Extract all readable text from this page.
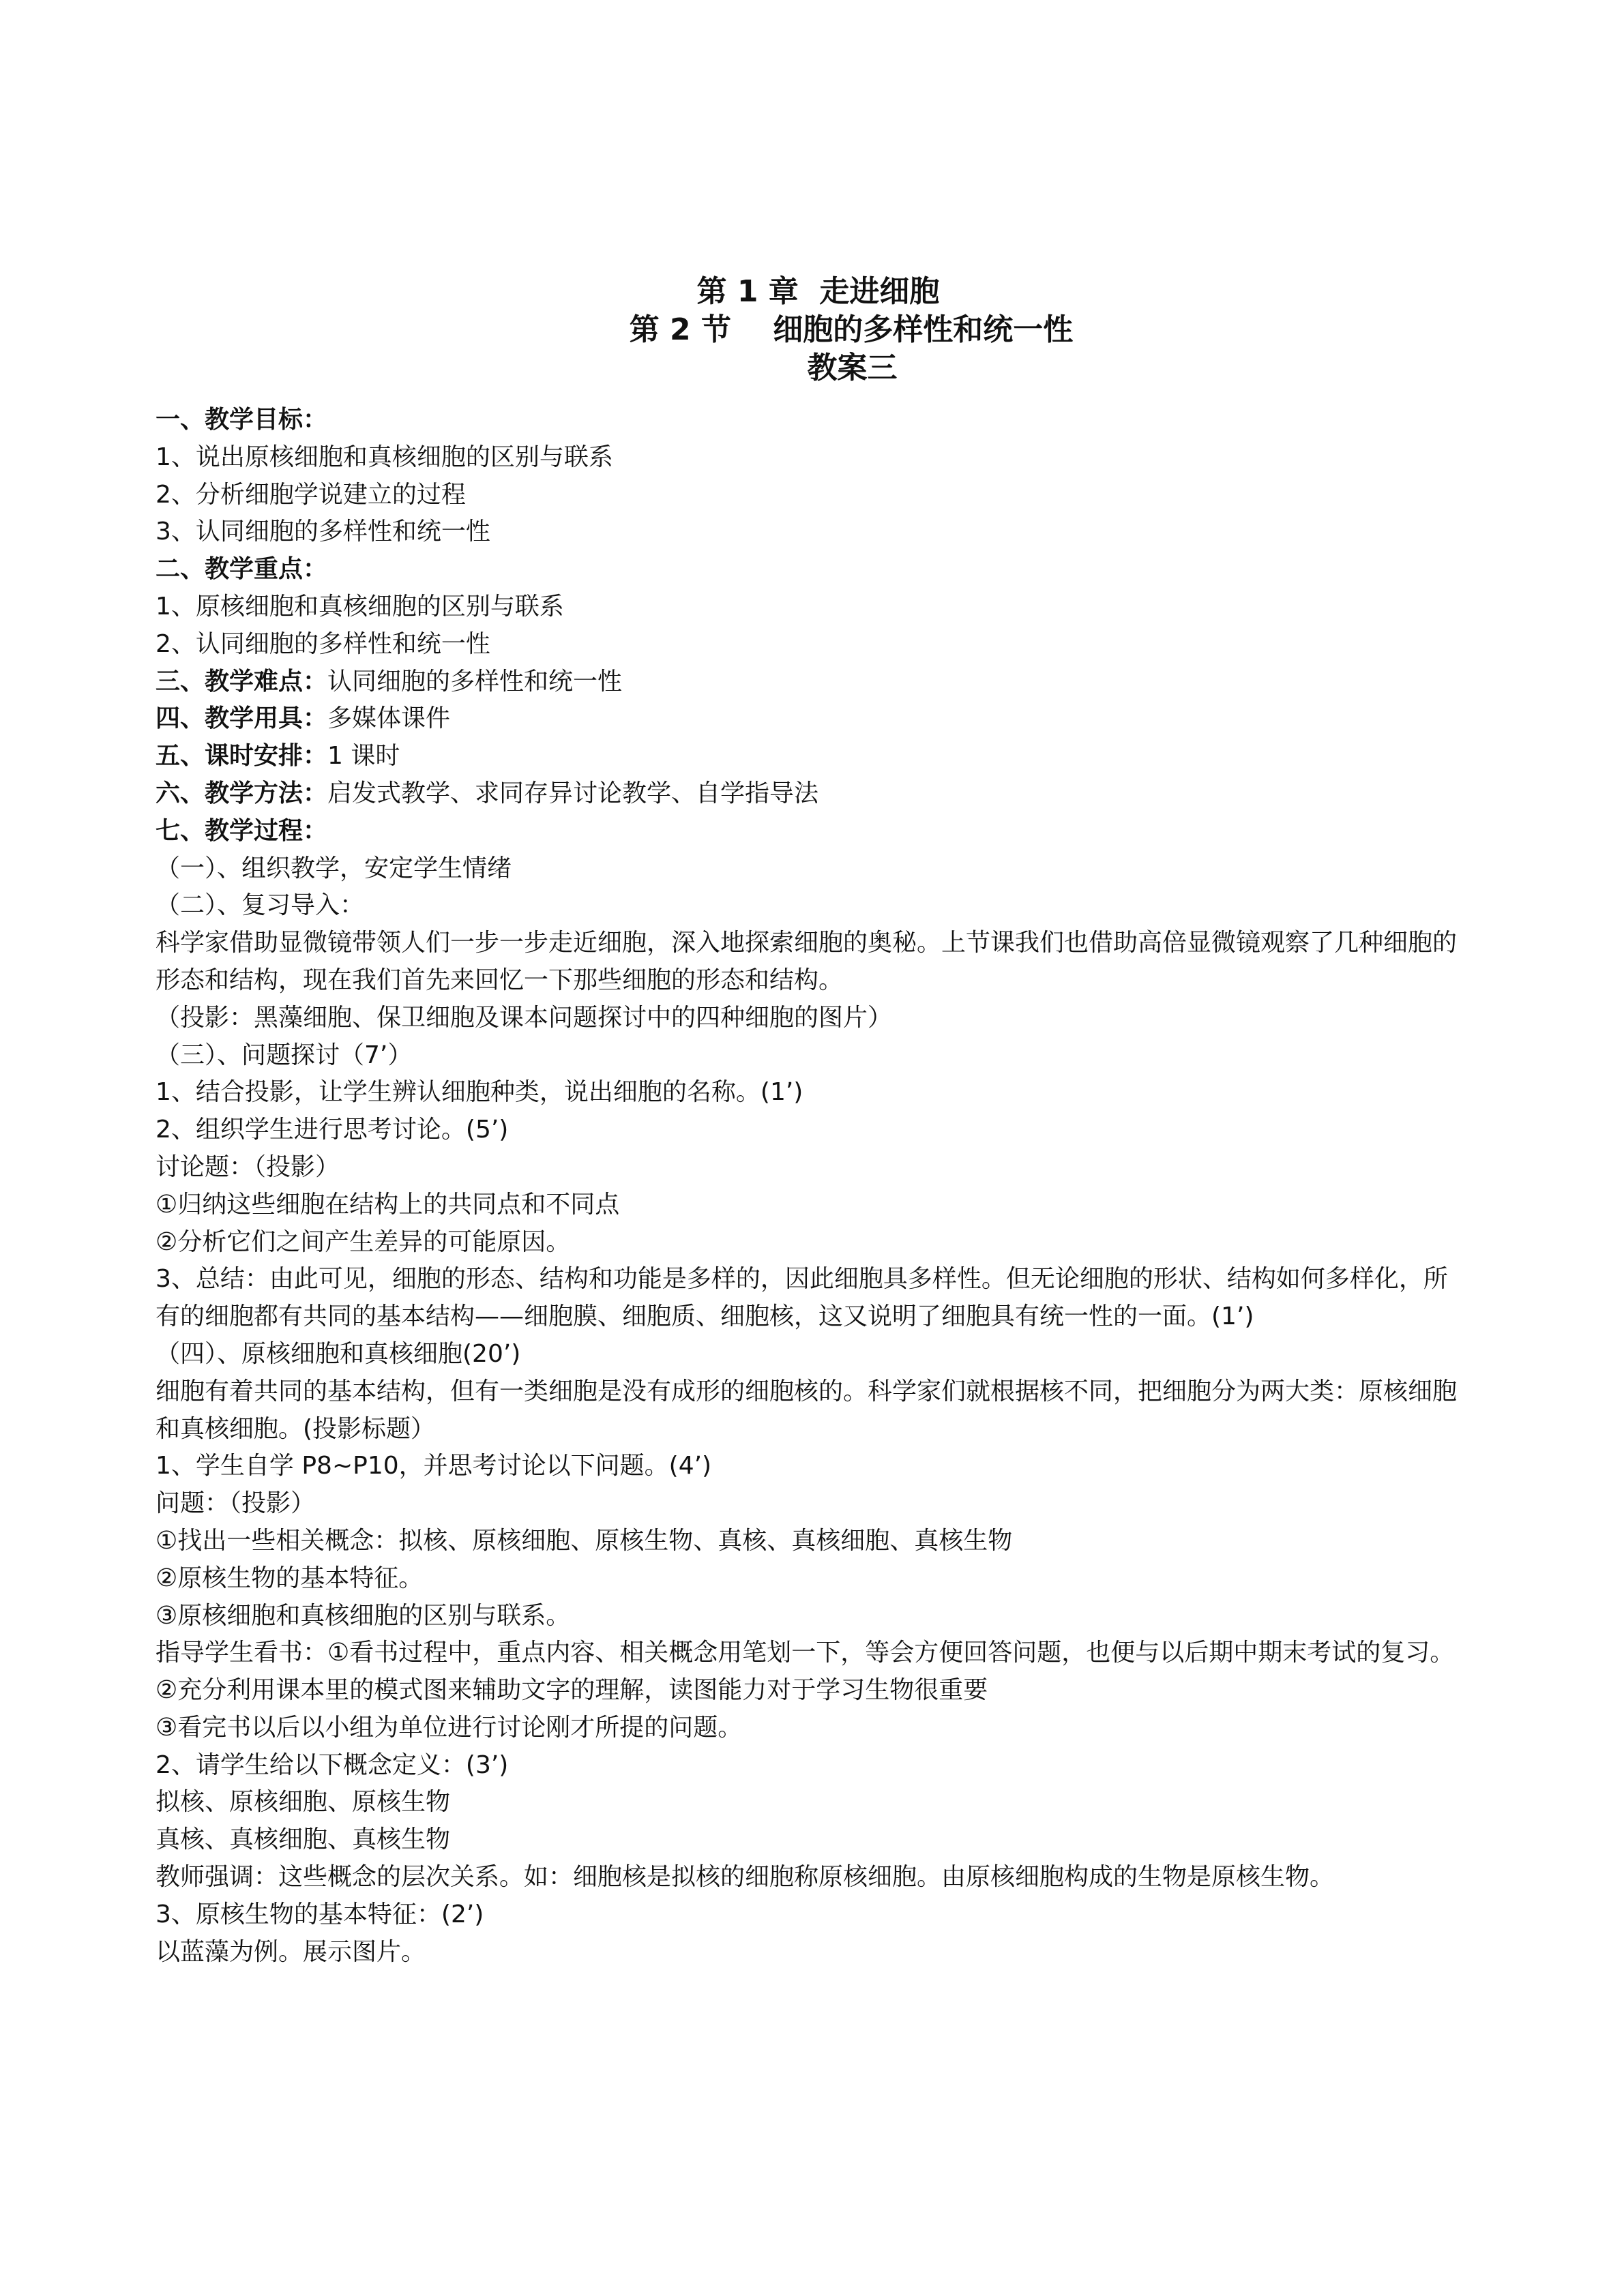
第 1 章  走进细胞
第 2 节    细胞的多样性和统一性
教案三
一、教学目标：
1、说出原核细胞和真核细胞的区别与联系
2、分析细胞学说建立的过程
3、认同细胞的多样性和统一性
二、教学重点：
1、原核细胞和真核细胞的区别与联系
2、认同细胞的多样性和统一性
三、教学难点：认同细胞的多样性和统一性
四、教学用具：多媒体课件
五、课时安排：1 课时
六、教学方法：启发式教学、求同存异讨论教学、自学指导法
七、教学过程：
（一）、组织教学，安定学生情绪
（二）、复习导入：
科学家借助显微镜带领人们一步一步走近细胞，深入地探索细胞的奥秘。上节课我们也借助高倍显微镜观察了几种细胞的形态和结构，现在我们首先来回忆一下那些细胞的形态和结构。
（投影：黑藻细胞、保卫细胞及课本问题探讨中的四种细胞的图片）
（三）、问题探讨（7’）
1、结合投影，让学生辨认细胞种类，说出细胞的名称。(1’)
2、组织学生进行思考讨论。(5’)
讨论题：（投影）
①归纳这些细胞在结构上的共同点和不同点
②分析它们之间产生差异的可能原因。
3、总结：由此可见，细胞的形态、结构和功能是多样的，因此细胞具多样性。但无论细胞的形状、结构如何多样化，所有的细胞都有共同的基本结构——细胞膜、细胞质、细胞核，这又说明了细胞具有统一性的一面。(1’)
（四）、原核细胞和真核细胞(20’)
细胞有着共同的基本结构，但有一类细胞是没有成形的细胞核的。科学家们就根据核不同，把细胞分为两大类：原核细胞和真核细胞。(投影标题）
1、学生自学 P8~P10，并思考讨论以下问题。(4’)
问题：（投影）
①找出一些相关概念：拟核、原核细胞、原核生物、真核、真核细胞、真核生物
②原核生物的基本特征。
③原核细胞和真核细胞的区别与联系。
指导学生看书：①看书过程中，重点内容、相关概念用笔划一下，等会方便回答问题，也便与以后期中期末考试的复习。
②充分利用课本里的模式图来辅助文字的理解，读图能力对于学习生物很重要
③看完书以后以小组为单位进行讨论刚才所提的问题。
2、请学生给以下概念定义：(3’)
拟核、原核细胞、原核生物
真核、真核细胞、真核生物
教师强调：这些概念的层次关系。如：细胞核是拟核的细胞称原核细胞。由原核细胞构成的生物是原核生物。
3、原核生物的基本特征：(2’)
以蓝藻为例。展示图片。
